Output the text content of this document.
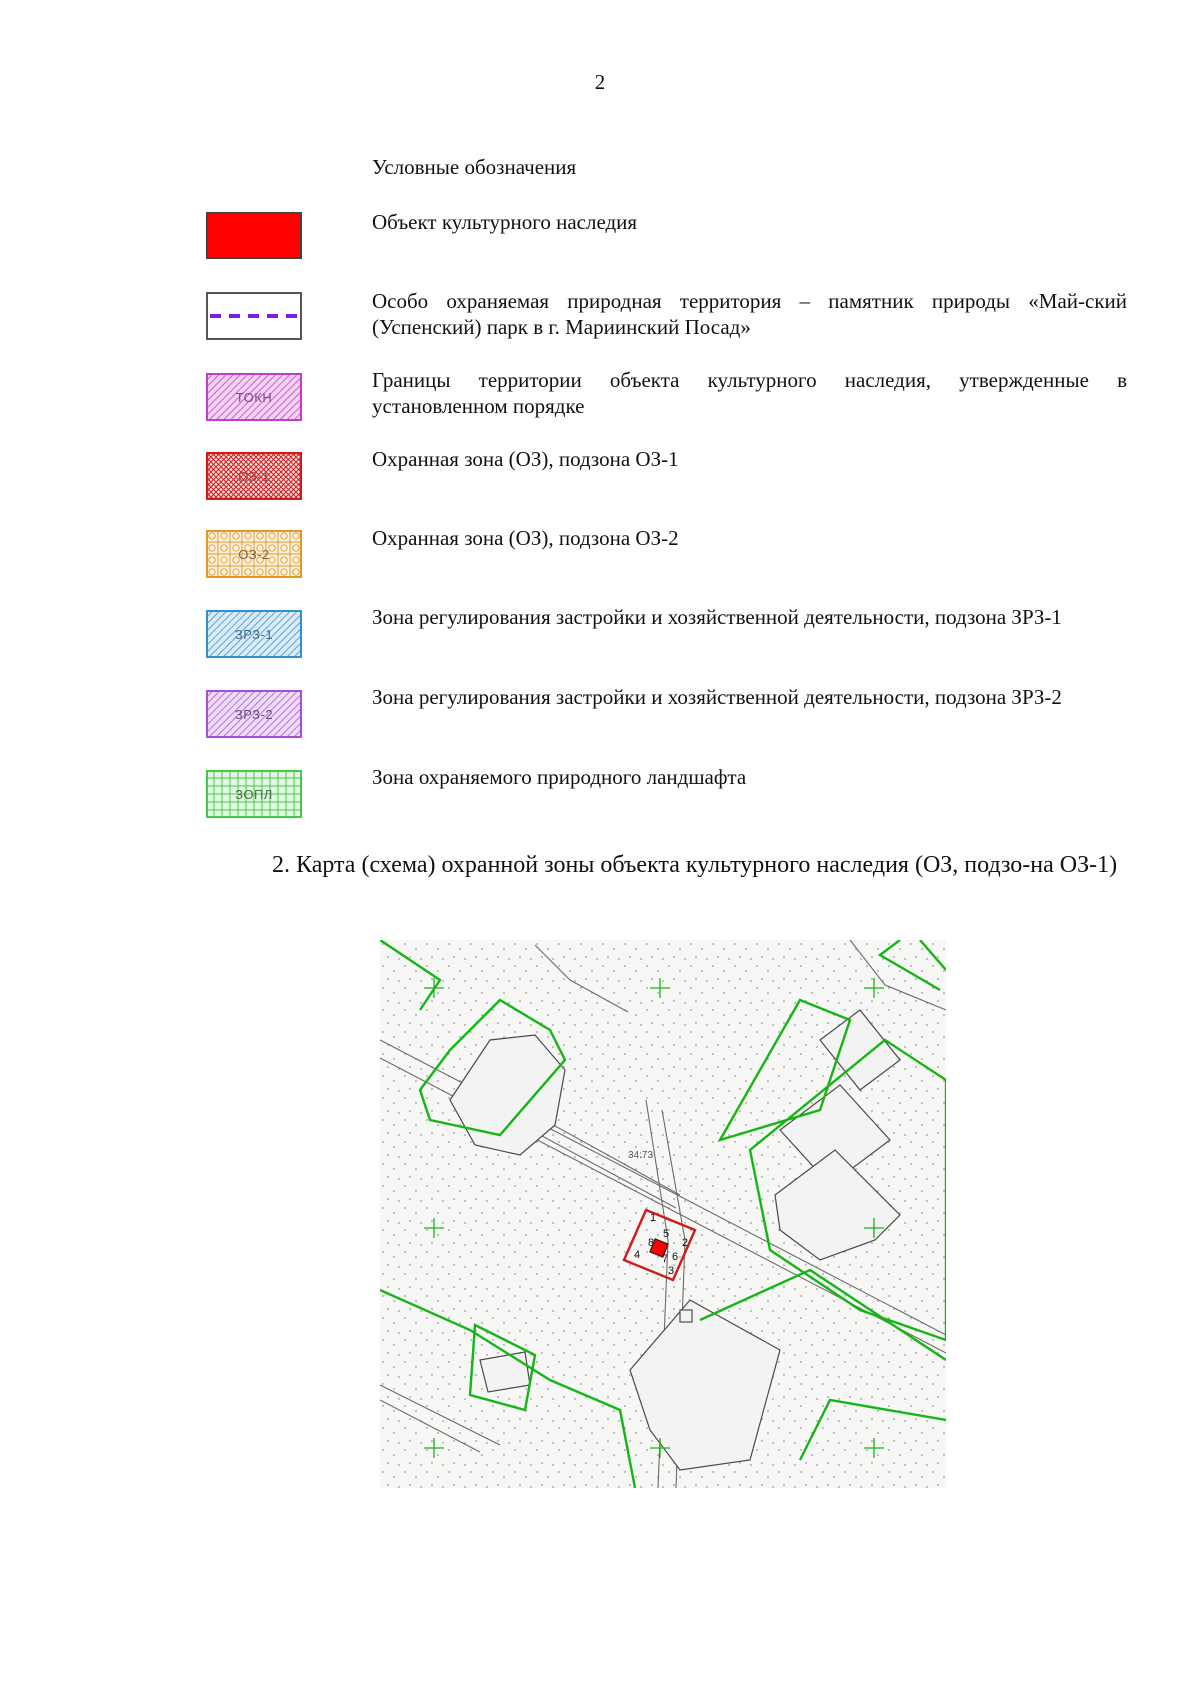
2
Условные обозначения
Объект культурного наследия
Особо охраняемая природная территория – памятник природы «Май-ский (Успенский) парк в г. Мариинский Посад»
ТОКН
Границы территории объекта культурного наследия, утвержденные в установленном порядке
ОЗ-1
Охранная зона (ОЗ), подзона ОЗ-1
ОЗ-2
Охранная зона (ОЗ), подзона ОЗ-2
ЗРЗ-1
Зона регулирования застройки и хозяйственной деятельности, подзона ЗРЗ-1
ЗРЗ-2
Зона регулирования застройки и хозяйственной деятельности, подзона ЗРЗ-2
ЗОПЛ
Зона охраняемого природного ландшафта
2. Карта (схема) охранной зоны объекта культурного наследия (ОЗ, подзо-на ОЗ-1)
1
2
3
4
5
6
7
8
34:73
